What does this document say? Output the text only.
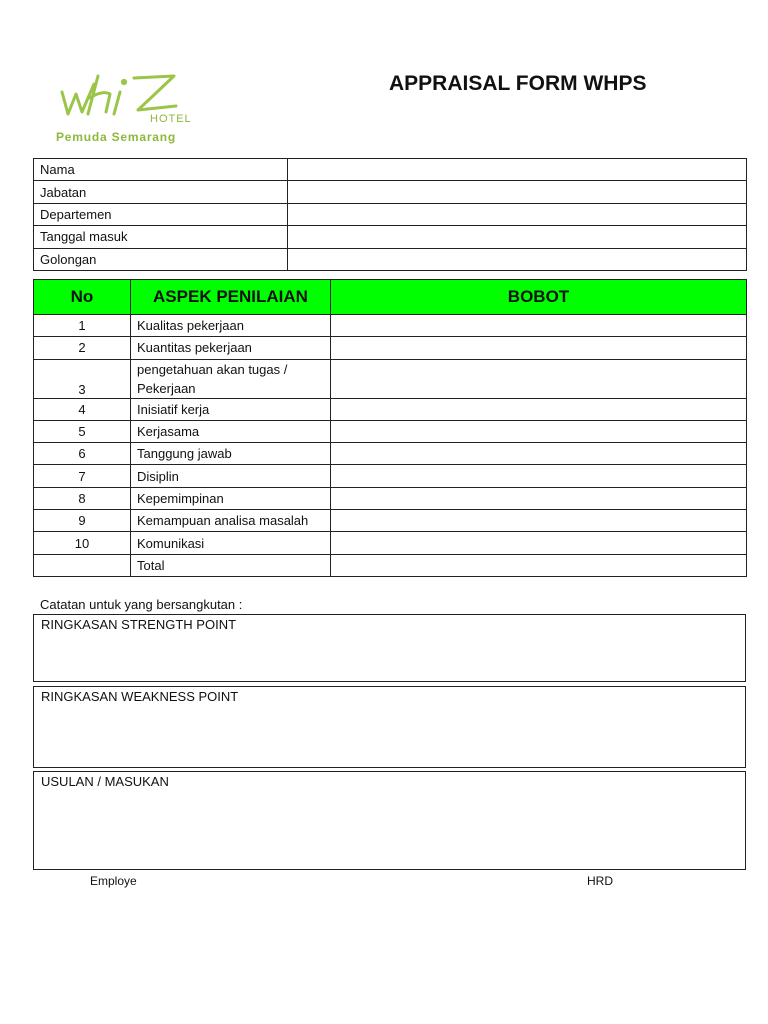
HOTEL
Pemuda Semarang
APPRAISAL FORM WHPS
Nama	
Jabatan	
Departemen	
Tanggal masuk	
Golongan	
No	ASPEK PENILAIAN	BOBOT
1	Kualitas pekerjaan	
2	Kuantitas pekerjaan	
3	pengetahuan akan tugas /
Pekerjaan	

4	Inisiatif kerja	
5	Kerjasama	
6	Tanggung jawab	
7	Disiplin	
8	Kepemimpinan	
9	Kemampuan analisa masalah	
10	Komunikasi	
	Total	
Catatan untuk yang bersangkutan :
RINGKASAN STRENGTH POINT
RINGKASAN WEAKNESS POINT
USULAN / MASUKAN
Employe	HRD
